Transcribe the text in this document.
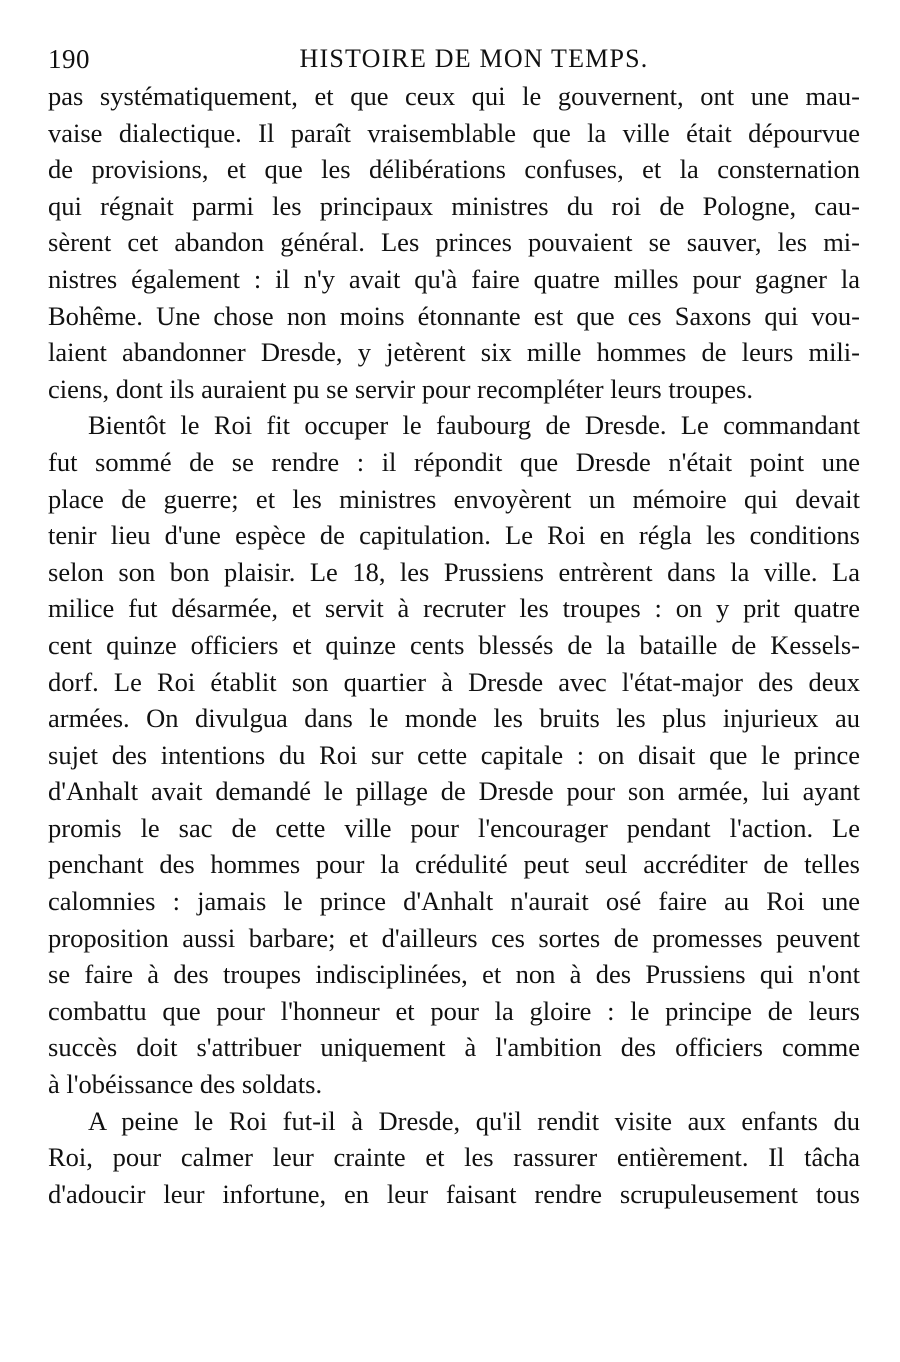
190	HISTOIRE DE MON TEMPS.

pas systématiquement, et que ceux qui le gouvernent, ont une mau-
vaise dialectique. Il paraît vraisemblable que la ville était dépourvue
de provisions, et que les délibérations confuses, et la consternation
qui régnait parmi les principaux ministres du roi de Pologne, cau-
sèrent cet abandon général. Les princes pouvaient se sauver, les mi-
nistres également : il n'y avait qu'à faire quatre milles pour gagner la
Bohême. Une chose non moins étonnante est que ces Saxons qui vou-
laient abandonner Dresde, y jetèrent six mille hommes de leurs mili-
ciens, dont ils auraient pu se servir pour recompléter leurs troupes.

Bientôt le Roi fit occuper le faubourg de Dresde. Le commandant
fut sommé de se rendre : il répondit que Dresde n'était point une
place de guerre; et les ministres envoyèrent un mémoire qui devait
tenir lieu d'une espèce de capitulation. Le Roi en régla les conditions
selon son bon plaisir. Le 18, les Prussiens entrèrent dans la ville. La
milice fut désarmée, et servit à recruter les troupes : on y prit quatre
cent quinze officiers et quinze cents blessés de la bataille de Kessels-
dorf. Le Roi établit son quartier à Dresde avec l'état-major des deux
armées. On divulgua dans le monde les bruits les plus injurieux au
sujet des intentions du Roi sur cette capitale : on disait que le prince
d'Anhalt avait demandé le pillage de Dresde pour son armée, lui ayant
promis le sac de cette ville pour l'encourager pendant l'action. Le
penchant des hommes pour la crédulité peut seul accréditer de telles
calomnies : jamais le prince d'Anhalt n'aurait osé faire au Roi une
proposition aussi barbare; et d'ailleurs ces sortes de promesses peuvent
se faire à des troupes indisciplinées, et non à des Prussiens qui n'ont
combattu que pour l'honneur et pour la gloire : le principe de leurs
succès doit s'attribuer uniquement à l'ambition des officiers comme
à l'obéissance des soldats.

A peine le Roi fut-il à Dresde, qu'il rendit visite aux enfants du
Roi, pour calmer leur crainte et les rassurer entièrement. Il tâcha
d'adoucir leur infortune, en leur faisant rendre scrupuleusement tous
